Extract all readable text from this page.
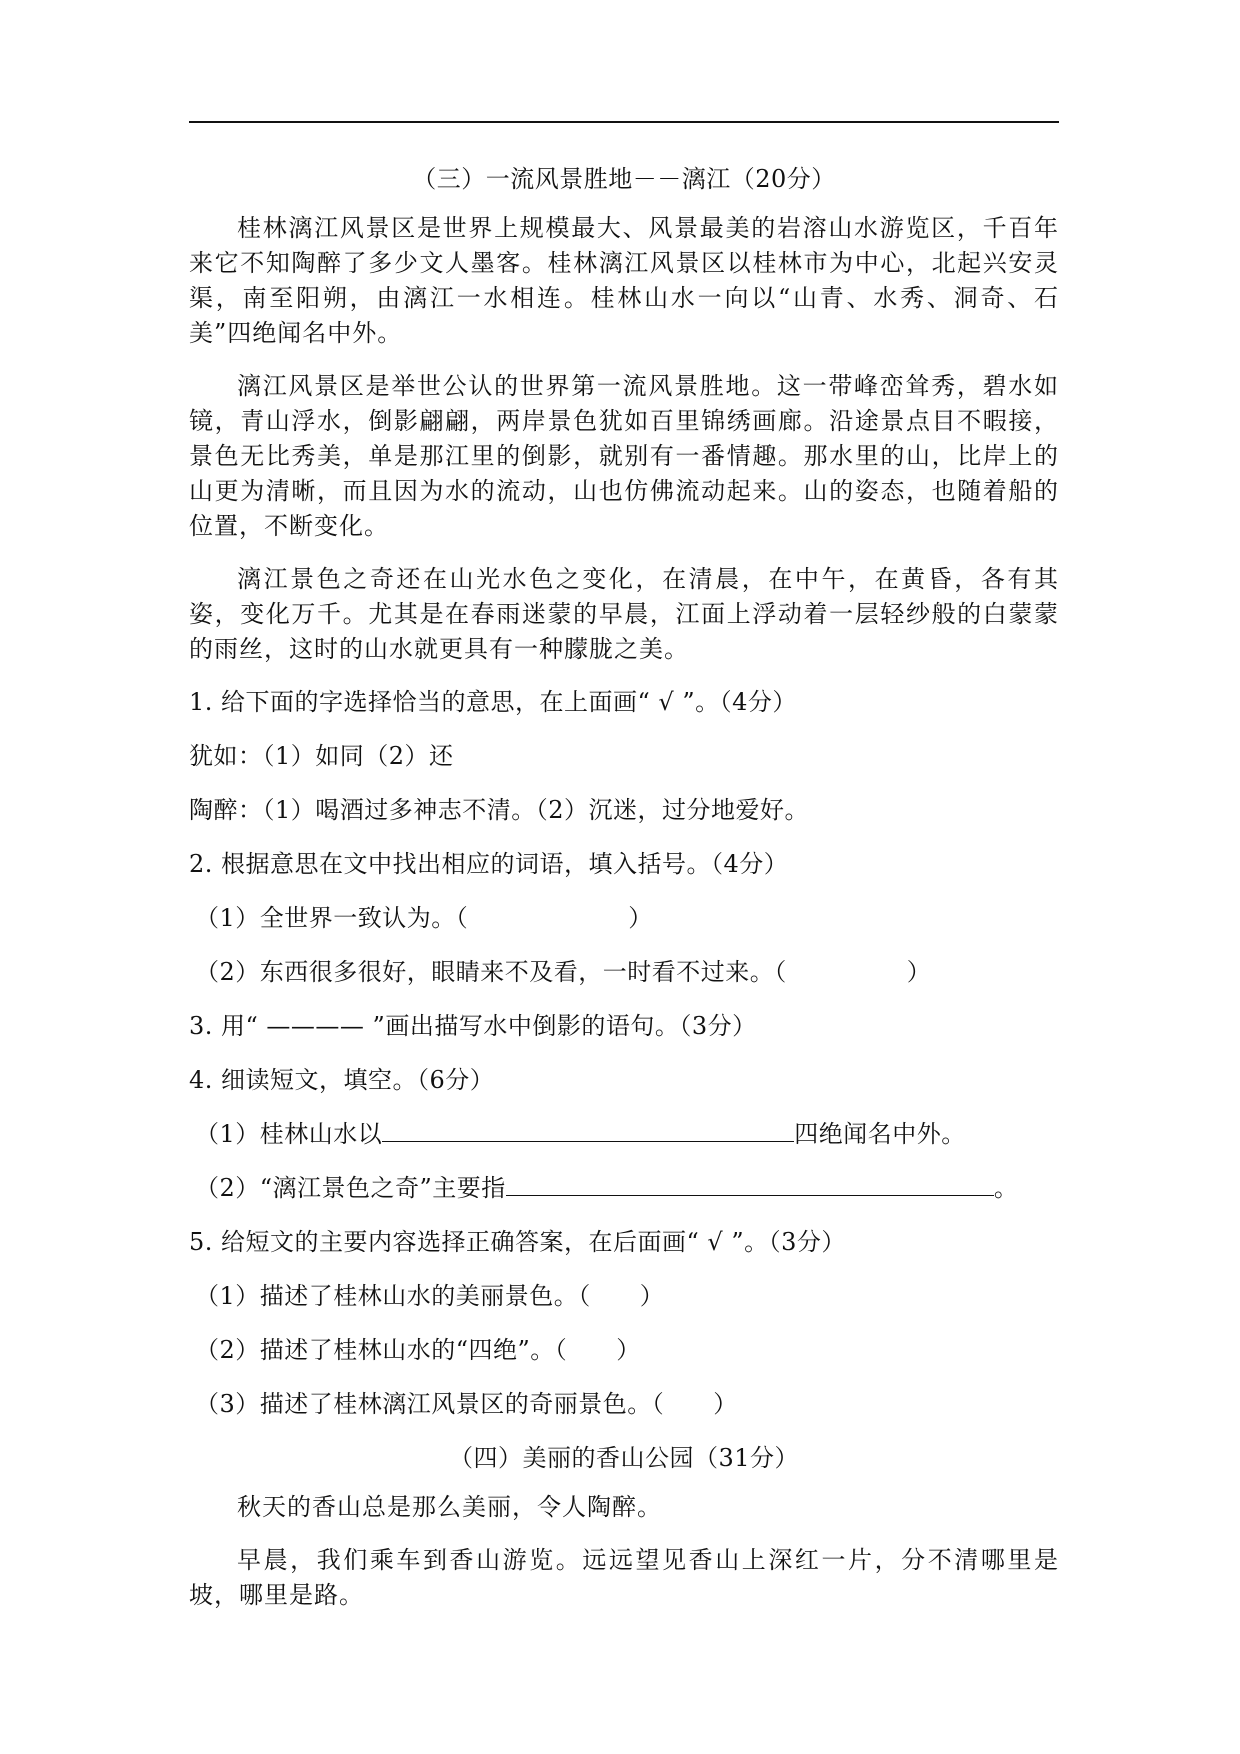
（三）一流风景胜地－－漓江（20分）

桂林漓江风景区是世界上规模最大、风景最美的岩溶山水游览区，千百年来它不知陶醉了多少文人墨客。桂林漓江风景区以桂林市为中心，北起兴安灵渠，南至阳朔，由漓江一水相连。桂林山水一向以“山青、水秀、洞奇、石美”四绝闻名中外。

漓江风景区是举世公认的世界第一流风景胜地。这一带峰峦耸秀，碧水如镜，青山浮水，倒影翩翩，两岸景色犹如百里锦绣画廊。沿途景点目不暇接，景色无比秀美，单是那江里的倒影，就别有一番情趣。那水里的山，比岸上的山更为清晰，而且因为水的流动，山也仿佛流动起来。山的姿态，也随着船的位置，不断变化。

漓江景色之奇还在山光水色之变化，在清晨，在中午，在黄昏，各有其姿，变化万千。尤其是在春雨迷蒙的早晨，江面上浮动着一层轻纱般的白蒙蒙的雨丝，这时的山水就更具有一种朦胧之美。

1. 给下面的字选择恰当的意思，在上面画“ √ ”。（4分）
犹如：（1）如同（2）还
陶醉：（1）喝酒过多神志不清。（2）沉迷，过分地爱好。
2. 根据意思在文中找出相应的词语，填入括号。（4分）
（1）全世界一致认为。（	）
（2）东西很多很好，眼睛来不及看，一时看不过来。（	）
3. 用“ ———— ”画出描写水中倒影的语句。（3分）
4. 细读短文，填空。（6分）
（1）桂林山水以	四绝闻名中外。
（2）“漓江景色之奇”主要指	。
5. 给短文的主要内容选择正确答案，在后面画“ √ ”。（3分）
（1）描述了桂林山水的美丽景色。（　　）
（2）描述了桂林山水的“四绝”。（　　）
（3）描述了桂林漓江风景区的奇丽景色。（　　）
（四）美丽的香山公园（31分）

秋天的香山总是那么美丽，令人陶醉。

早晨，我们乘车到香山游览。远远望见香山上深红一片，分不清哪里是坡，哪里是路。
